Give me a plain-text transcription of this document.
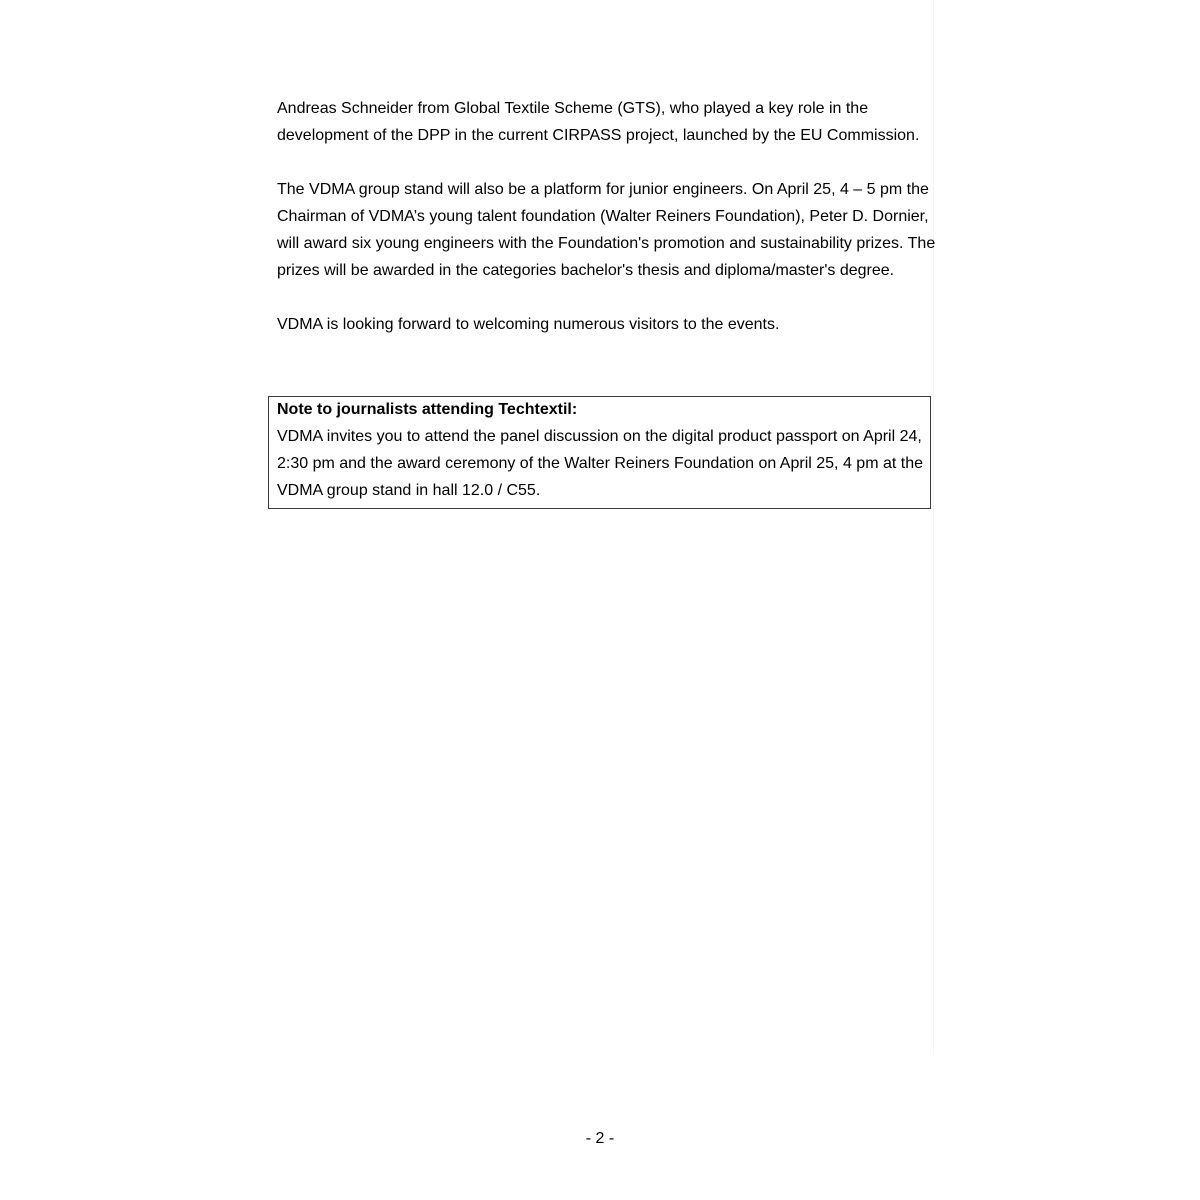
Andreas Schneider from Global Textile Scheme (GTS), who played a key role in the
development of the DPP in the current CIRPASS project, launched by the EU Commission.

The VDMA group stand will also be a platform for junior engineers. On April 25, 4 – 5 pm the
Chairman of VDMA’s young talent foundation (Walter Reiners Foundation), Peter D. Dornier,
will award six young engineers with the Foundation's promotion and sustainability prizes. The
prizes will be awarded in the categories bachelor's thesis and diploma/master's degree.

VDMA is looking forward to welcoming numerous visitors to the events.

Note to journalists attending Techtextil:

VDMA invites you to attend the panel discussion on the digital product passport on April 24,
2:30 pm and the award ceremony of the Walter Reiners Foundation on April 25, 4 pm at the
VDMA group stand in hall 12.0 / C55.

- 2 -
